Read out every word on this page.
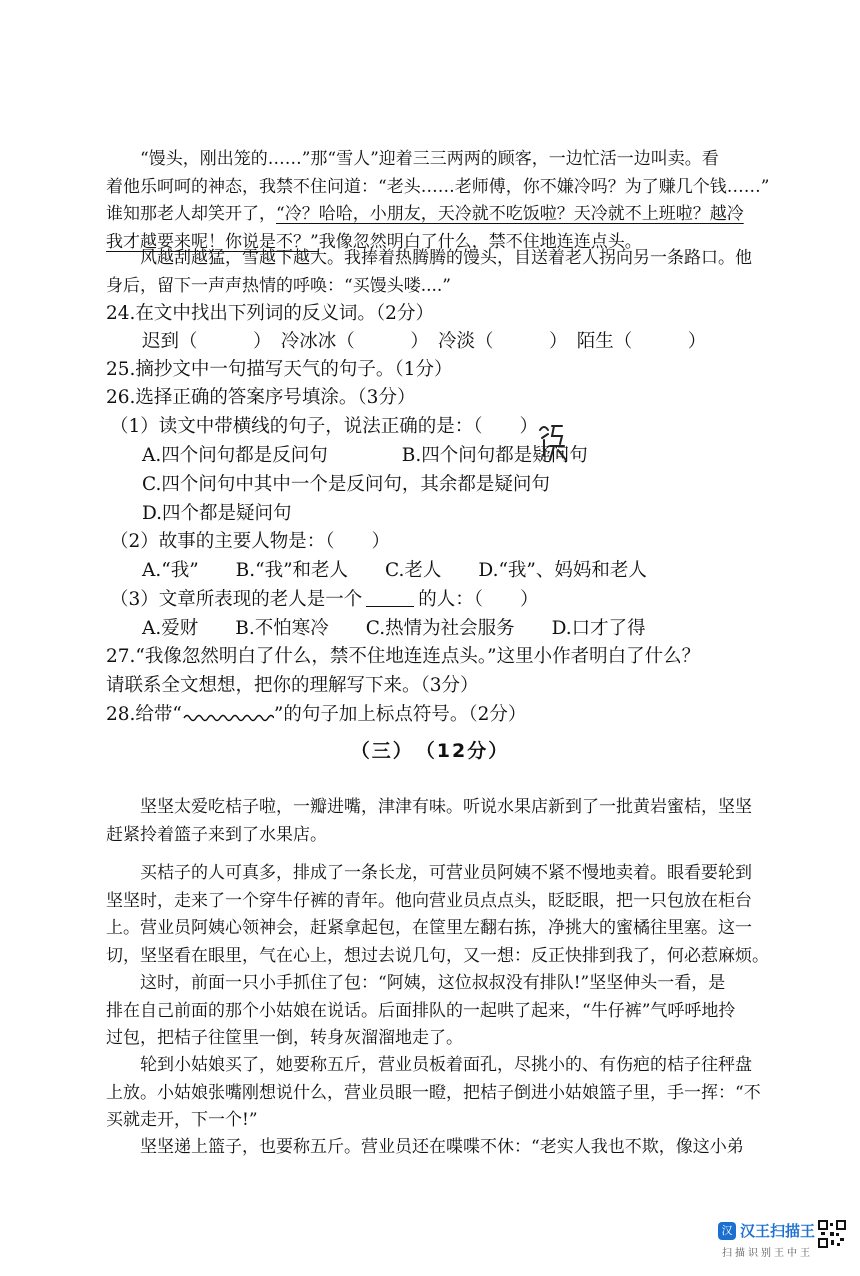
“馒头，刚出笼的……”那“雪人”迎着三三两两的顾客，一边忙活一边叫卖。看
着他乐呵呵的神态，我禁不住问道：“老头……老师傅，你不嫌冷吗？为了赚几个钱……”
谁知那老人却笑开了，“冷？哈哈，小朋友，天冷就不吃饭啦？天冷就不上班啦？越冷
我才越要来呢！你说是不？”我像忽然明白了什么，禁不住地连连点头。
风越刮越猛，雪越下越大。我捧着热腾腾的馒头，目送着老人拐向另一条路口。他
身后，留下一声声热情的呼唤：“买馒头喽....”

24.在文中找出下列词的反义词。（2分）

迟到（　　　）　冷冰冰（　　　）　冷淡（　　　）　陌生（　　　）

25.摘抄文中一句描写天气的句子。（1分）

26.选择正确的答案序号填涂。（3分）

（1）读文中带横线的句子，说法正确的是：（　　）

A.四个问句都是反问句　　　　B.四个问句都是疑问句

C.四个问句中其中一个是反问句，其余都是疑问句

D.四个都是疑问句

（2）故事的主要人物是：（　　）

A.“我”　　B.“我”和老人　　C.老人　　D.“我”、妈妈和老人

（3）文章所表现的老人是一个	的人：（　　）

A.爱财　　B.不怕寒冷　　C.热情为社会服务　　D.口才了得

27.“我像忽然明白了什么，禁不住地连连点头。”这里小作者明白了什么？

请联系全文想想，把你的理解写下来。（3分）

28.给带“	”的句子加上标点符号。（2分）

（三）　（12分）
坚坚太爱吃桔子啦，一瓣进嘴，津津有味。听说水果店新到了一批黄岩蜜桔，坚坚
赶紧拎着篮子来到了水果店。
买桔子的人可真多，排成了一条长龙，可营业员阿姨不紧不慢地卖着。眼看要轮到
坚坚时，走来了一个穿牛仔裤的青年。他向营业员点点头，眨眨眼，把一只包放在柜台
上。营业员阿姨心领神会，赶紧拿起包，在筐里左翻右拣，净挑大的蜜橘往里塞。这一
切，坚坚看在眼里，气在心上，想过去说几句，又一想：反正快排到我了，何必惹麻烦。
这时，前面一只小手抓住了包：“阿姨，这位叔叔没有排队!”坚坚伸头一看，是
排在自己前面的那个小姑娘在说话。后面排队的一起哄了起来，“牛仔裤”气呼呼地拎
过包，把桔子往筐里一倒，转身灰溜溜地走了。
轮到小姑娘买了，她要称五斤，营业员板着面孔，尽挑小的、有伤疤的桔子往秤盘
上放。小姑娘张嘴刚想说什么，营业员眼一瞪，把桔子倒进小姑娘篮子里，手一挥：“不
买就走开，下一个!”
坚坚递上篮子，也要称五斤。营业员还在喋喋不休：“老实人我也不欺，像这小弟
汉 汉王扫描王
扫描识别王中王
